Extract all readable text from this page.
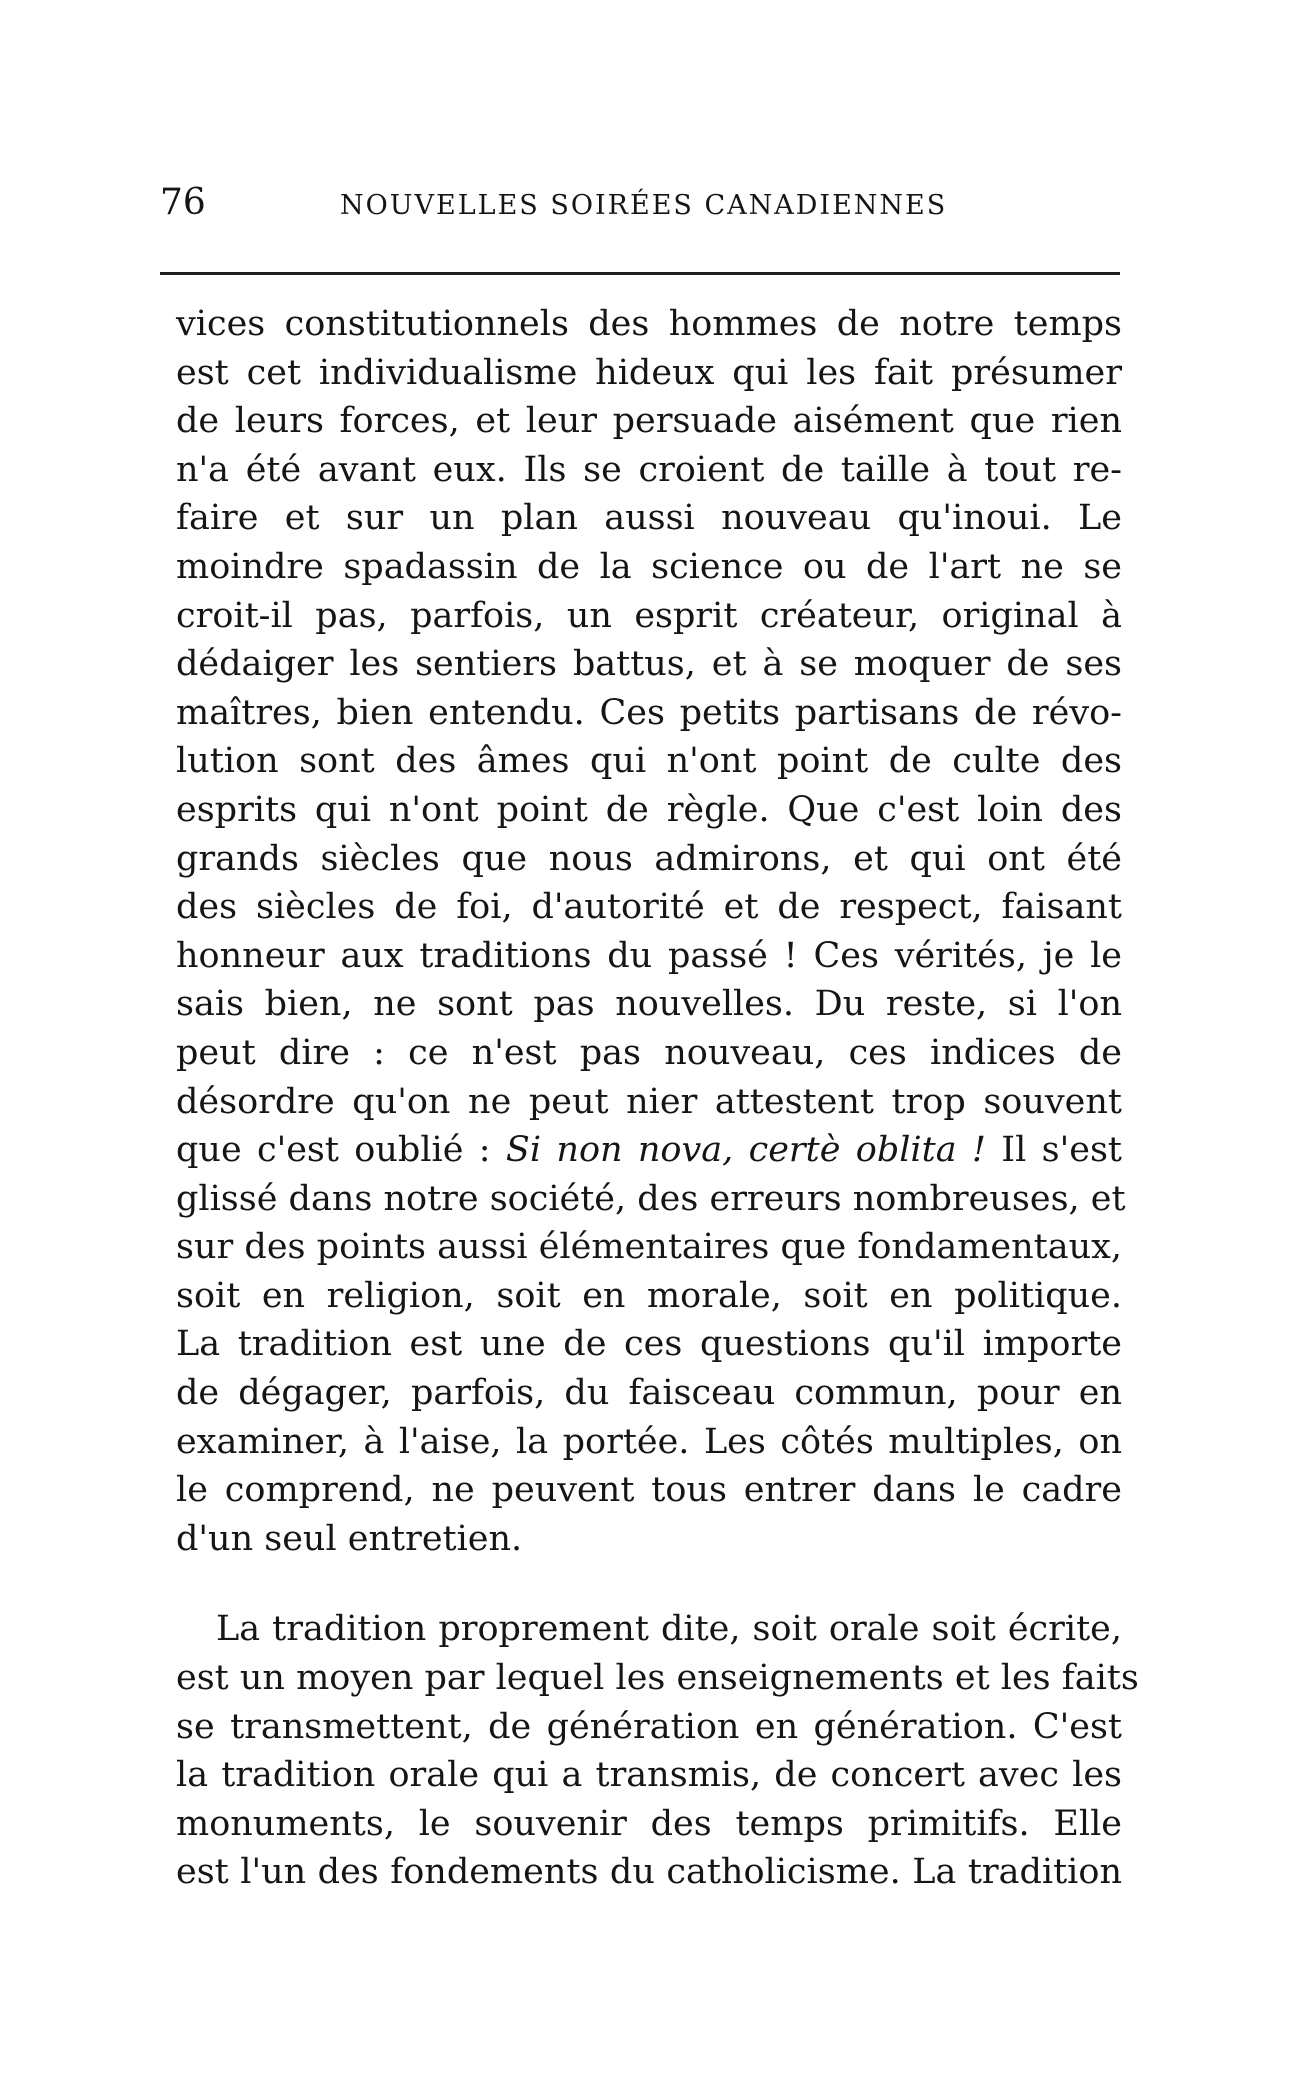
76	NOUVELLES SOIRÉES CANADIENNES
vices constitutionnels des hommes de notre temps
est cet individualisme hideux qui les fait présumer
de leurs forces, et leur persuade aisément que rien
n'a été avant eux. Ils se croient de taille à tout re-
faire et sur un plan aussi nouveau qu'inoui. Le
moindre spadassin de la science ou de l'art ne se
croit-il pas, parfois, un esprit créateur, original à
dédaiger les sentiers battus, et à se moquer de ses
maîtres, bien entendu. Ces petits partisans de révo-
lution sont des âmes qui n'ont point de culte des
esprits qui n'ont point de règle. Que c'est loin des
grands siècles que nous admirons, et qui ont été
des siècles de foi, d'autorité et de respect, faisant
honneur aux traditions du passé ! Ces vérités, je le
sais bien, ne sont pas nouvelles. Du reste, si l'on
peut dire : ce n'est pas nouveau, ces indices de
désordre qu'on ne peut nier attestent trop souvent
que c'est oublié : Si non nova, certè oblita ! Il s'est
glissé dans notre société, des erreurs nombreuses, et
sur des points aussi élémentaires que fondamentaux,
soit en religion, soit en morale, soit en politique.
La tradition est une de ces questions qu'il importe
de dégager, parfois, du faisceau commun, pour en
examiner, à l'aise, la portée. Les côtés multiples, on
le comprend, ne peuvent tous entrer dans le cadre
d'un seul entretien.
La tradition proprement dite, soit orale soit écrite,
est un moyen par lequel les enseignements et les faits
se transmettent, de génération en génération. C'est
la tradition orale qui a transmis, de concert avec les
monuments, le souvenir des temps primitifs. Elle
est l'un des fondements du catholicisme. La tradition
